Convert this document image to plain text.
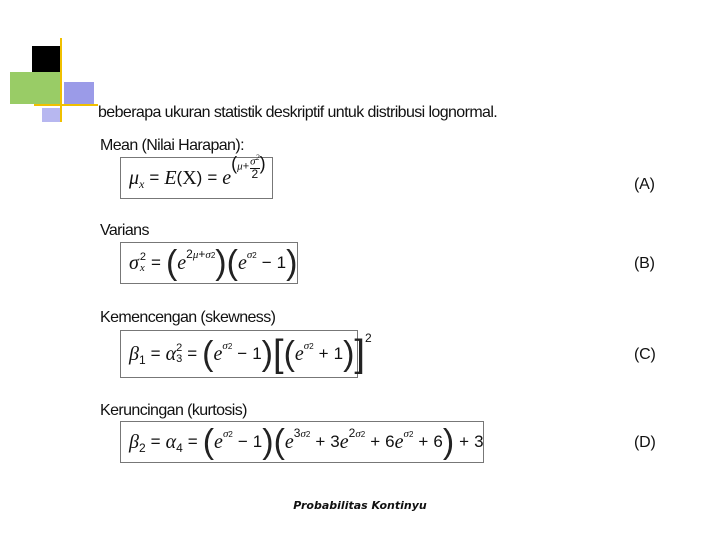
beberapa ukuran statistik deskriptif untuk distribusi lognormal.
Mean (Nilai Harapan):
μ x = E ( X ) = e
($\mu+ \frac{\sigma^2}{2}$ )
(A)
Varians
σ 2
x = ( e 2μ+σ2 ) ( e σ2 − 1 )	(B)
Kemencengan (skewness)
β 1 = α 2
3 = ( e σ2 − 1 ) [ ( e σ2 + 1 ) ] 2
(C)
Keruncingan (kurtosis)
β 2 = α 4 = ( e σ2 − 1 ) ( e 3σ2 + 3 e 2σ2 + 6 e σ2 + 6 ) + 3	(D)
Probabilitas Kontinyu
